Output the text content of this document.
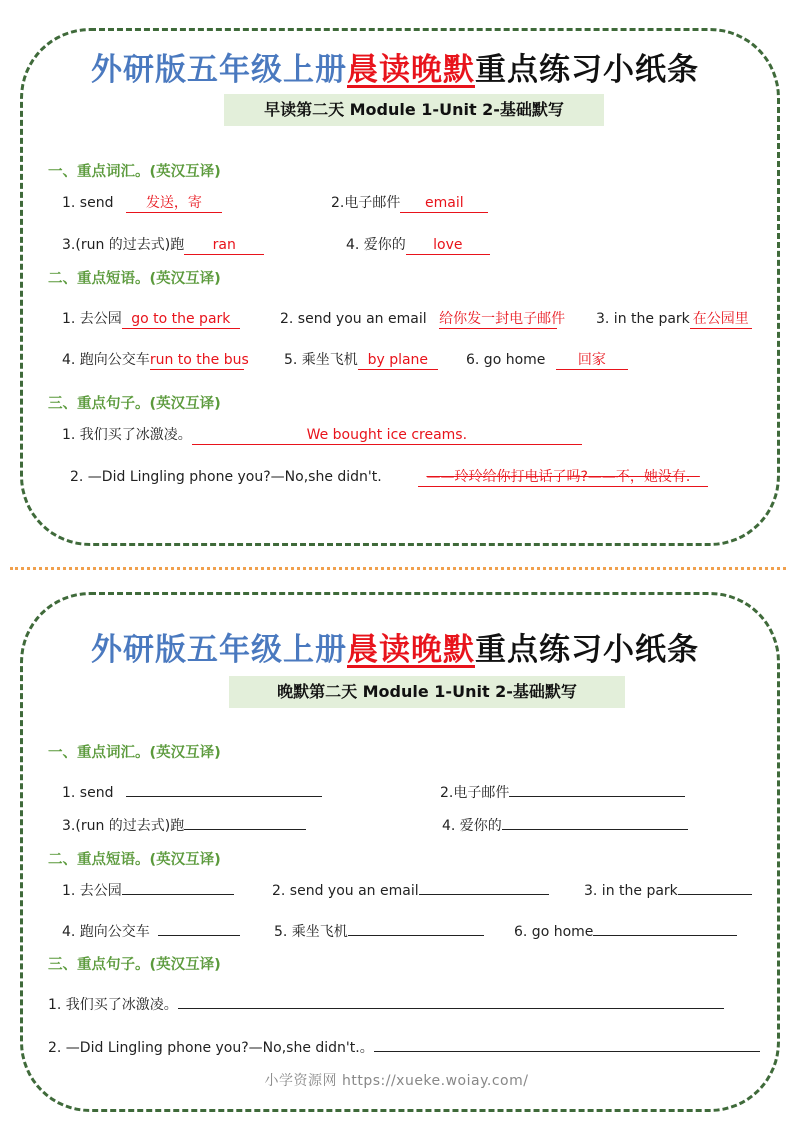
外研版五年级上册晨读晚默重点练习小纸条
早读第二天 Module 1-Unit 2-基础默写
一、重点词汇。(英汉互译)
1. send 发送，寄	2.电子邮件 email
3.(run 的过去式)跑 ran	4. 爱你的 love
二、重点短语。(英汉互译)
1. 去公园 go to the park	2. send you an email 给你发一封电子邮件 3. in the park 在公园里
4. 跑向公交车run to the bus	5. 乘坐飞机 by plane	6. go home 回家
三、重点句子。(英汉互译)
1. 我们买了冰激凌。	We bought ice creams.
2. —Did Lingling phone you?—No,she didn't.	——玲玲给你打电话了吗?——不，她没有．
外研版五年级上册晨读晚默重点练习小纸条
晚默第二天 Module 1-Unit 2-基础默写
一、重点词汇。(英汉互译)
1. send	2.电子邮件
3.(run 的过去式)跑	4. 爱你的
二、重点短语。(英汉互译)
1. 去公园	2. send you an email	3. in the park
4. 跑向公交车	5. 乘坐飞机	6. go home
三、重点句子。(英汉互译)
1. 我们买了冰激凌。
2. —Did Lingling phone you?—No,she didn't.。
小学资源网 https://xueke.woiay.com/
